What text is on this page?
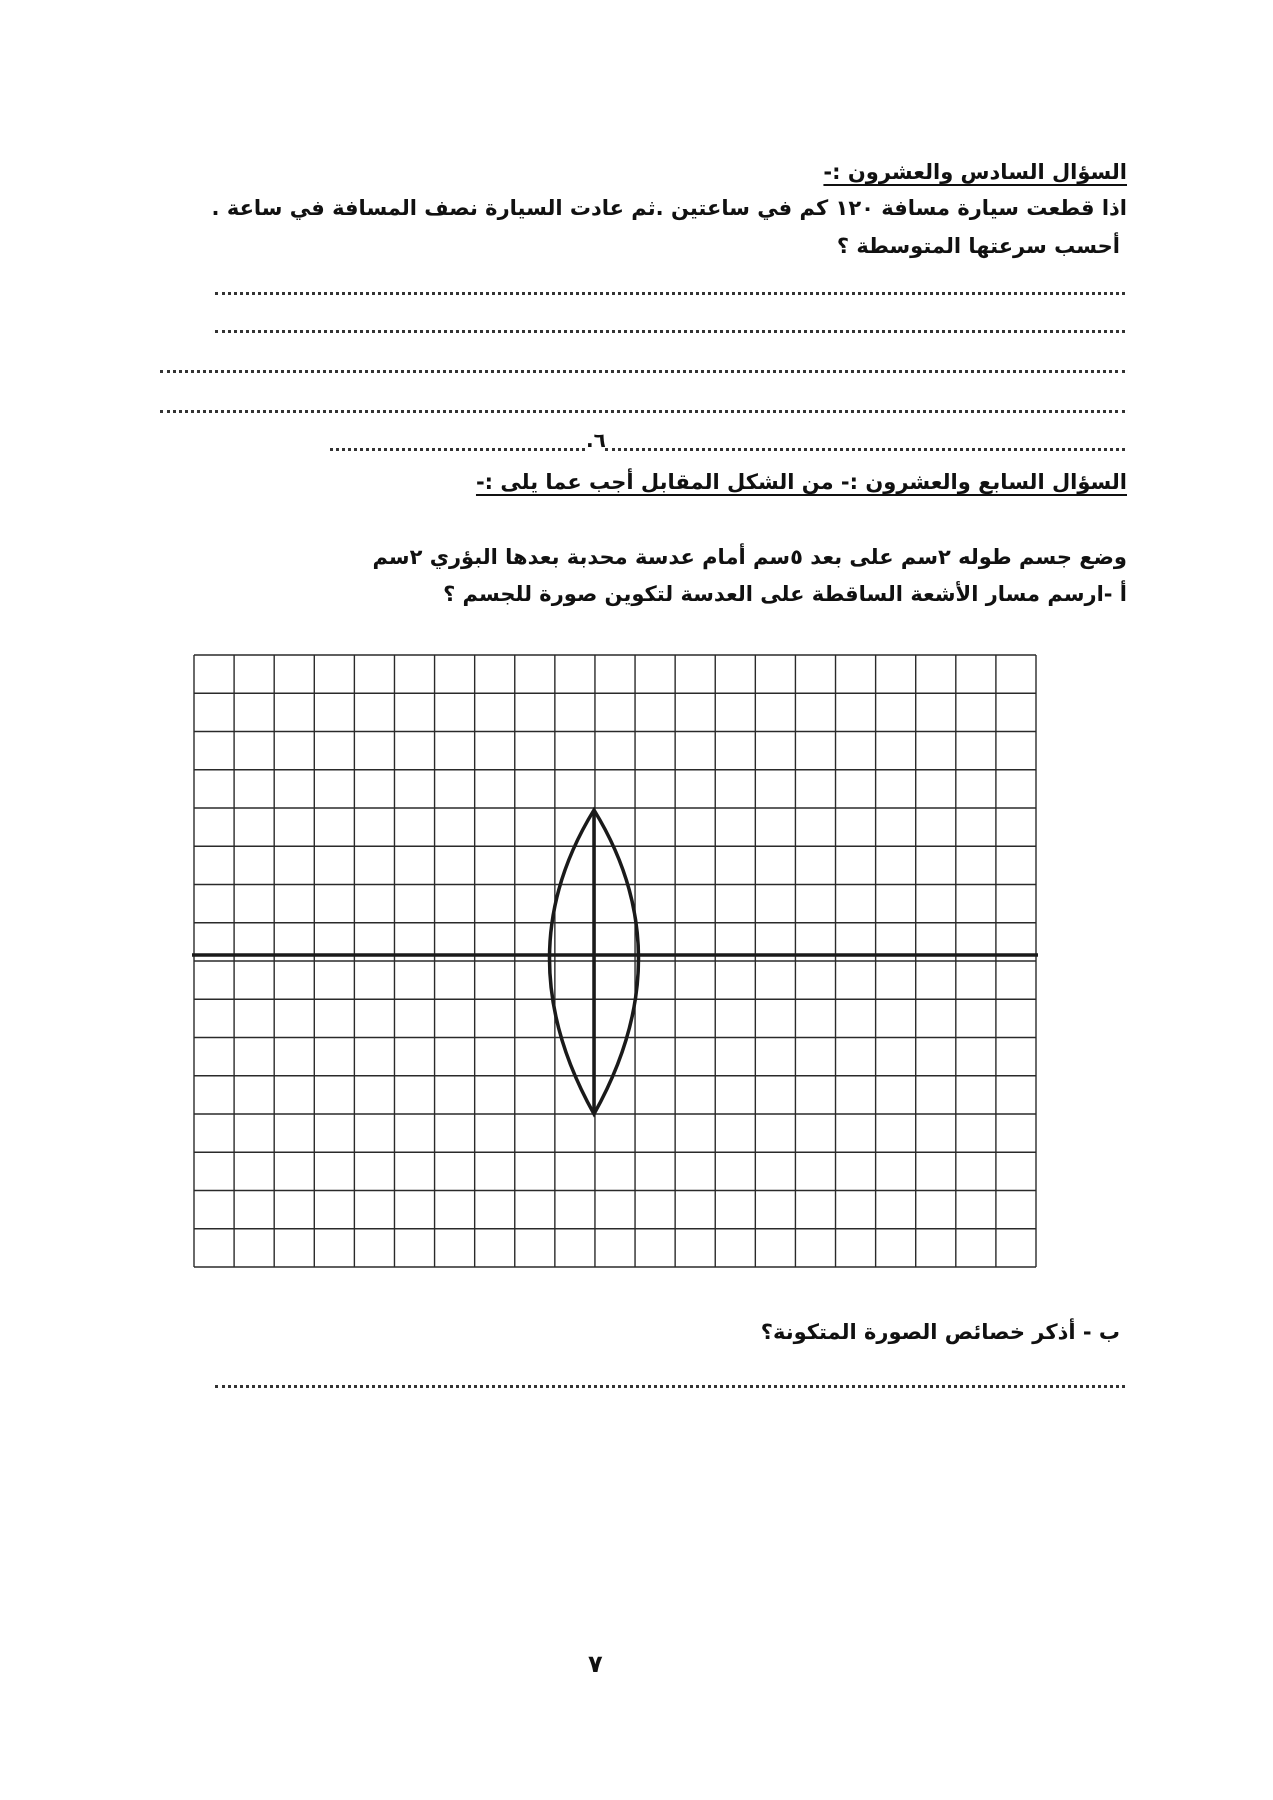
السؤال السادس والعشرون :-
اذا قطعت سيارة مسافة ١٢٠ كم في ساعتين .ثم عادت السيارة نصف المسافة في ساعة .
أحسب سرعتها المتوسطة ؟
٦.
السؤال السابع والعشرون :- من الشكل المقابل أجب عما يلى :-
وضع جسم طوله ٢سم على بعد ٥سم أمام عدسة محدبة بعدها البؤري ٢سم
أ -ارسم مسار الأشعة الساقطة على العدسة لتكوين صورة للجسم ؟
ب - أذكر خصائص الصورة المتكونة؟
٧
